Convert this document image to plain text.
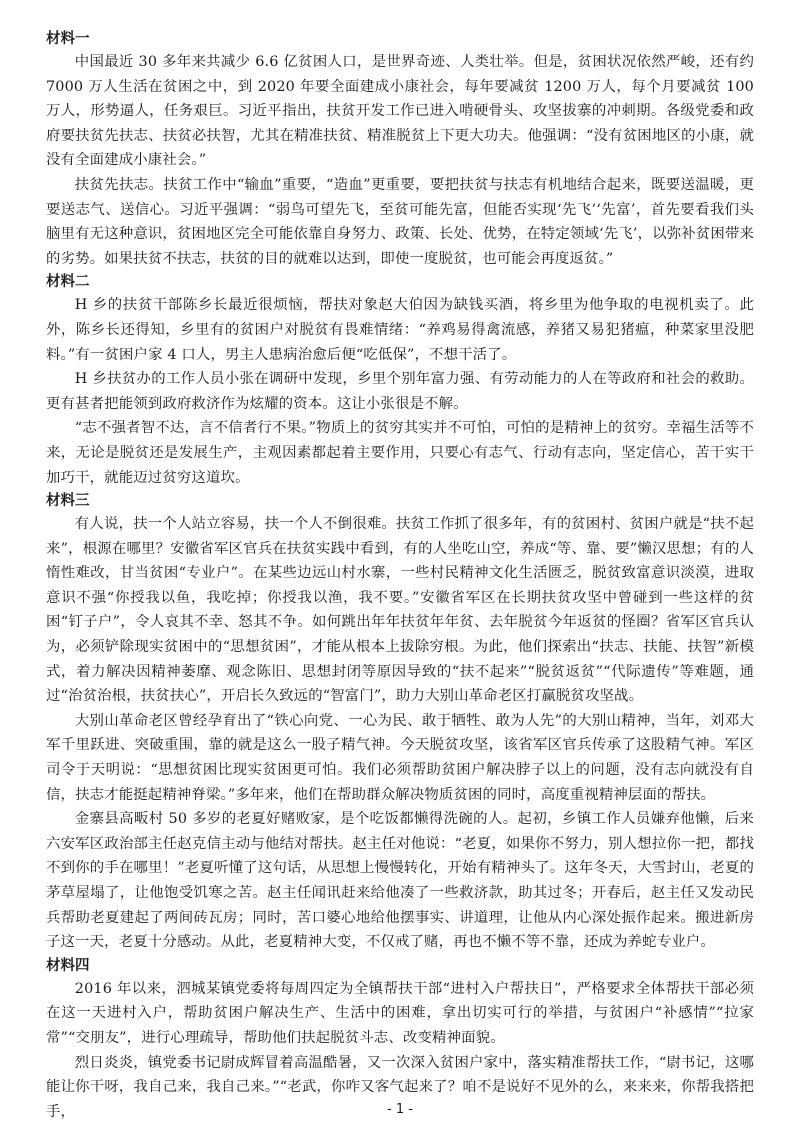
材料一

中国最近 30 多年来共减少 6.6 亿贫困人口，是世界奇迹、人类壮举。但是，贫困状况依然严峻，还有约 7000 万人生活在贫困之中，到 2020 年要全面建成小康社会，每年要减贫 1200 万人，每个月要减贫 100 万人，形势逼人，任务艰巨。习近平指出，扶贫开发工作已进入啃硬骨头、攻坚拔寨的冲刺期。各级党委和政府要扶贫先扶志、扶贫必扶智，尤其在精准扶贫、精准脱贫上下更大功夫。他强调：“没有贫困地区的小康，就没有全面建成小康社会。”

扶贫先扶志。扶贫工作中“输血”重要，“造血”更重要，要把扶贫与扶志有机地结合起来，既要送温暖，更要送志气、送信心。习近平强调：“弱鸟可望先飞，至贫可能先富，但能否实现‘先飞’‘先富’，首先要看我们头脑里有无这种意识，贫困地区完全可能依靠自身努力、政策、长处、优势，在特定领域‘先飞’，以弥补贫困带来的劣势。如果扶贫不扶志，扶贫的目的就难以达到，即使一度脱贫，也可能会再度返贫。”

材料二

H 乡的扶贫干部陈乡长最近很烦恼，帮扶对象赵大伯因为缺钱买酒，将乡里为他争取的电视机卖了。此外，陈乡长还得知，乡里有的贫困户对脱贫有畏难情绪：“养鸡易得禽流感，养猪又易犯猪瘟，种菜家里没肥料。”有一贫困户家 4 口人，男主人患病治愈后便“吃低保”，不想干活了。

H 乡扶贫办的工作人员小张在调研中发现，乡里个别年富力强、有劳动能力的人在等政府和社会的救助。更有甚者把能领到政府救济作为炫耀的资本。这让小张很是不解。

“志不强者智不达，言不信者行不果。”物质上的贫穷其实并不可怕，可怕的是精神上的贫穷。幸福生活等不来，无论是脱贫还是发展生产，主观因素都起着主要作用，只要心有志气、行动有志向，坚定信心，苦干实干加巧干，就能迈过贫穷这道坎。

材料三

有人说，扶一个人站立容易，扶一个人不倒很难。扶贫工作抓了很多年，有的贫困村、贫困户就是“扶不起来”，根源在哪里？安徽省军区官兵在扶贫实践中看到，有的人坐吃山空，养成“等、靠、要”懒汉思想；有的人惰性难改，甘当贫困“专业户”。在某些边远山村水寨，一些村民精神文化生活匮乏，脱贫致富意识淡漠，进取意识不强“你授我以鱼，我吃掉；你授我以渔，我不要。”安徽省军区在长期扶贫攻坚中曾碰到一些这样的贫困“钉子户”，令人哀其不幸、怒其不争。如何跳出年年扶贫年年贫、去年脱贫今年返贫的怪圈？省军区官兵认为，必须铲除现实贫困中的“思想贫困”，才能从根本上拔除穷根。为此，他们探索出“扶志、扶能、扶智”新模式，着力解决因精神萎靡、观念陈旧、思想封闭等原因导致的“扶不起来”“脱贫返贫”“代际遗传”等难题，通过“治贫治根，扶贫扶心”，开启长久致远的“智富门”，助力大别山革命老区打赢脱贫攻坚战。

大别山革命老区曾经孕育出了“铁心向党、一心为民、敢于牺牲、敢为人先”的大别山精神，当年，刘邓大军千里跃进、突破重围，靠的就是这么一股子精气神。今天脱贫攻坚，该省军区官兵传承了这股精气神。军区司令于天明说：“思想贫困比现实贫困更可怕。我们必须帮助贫困户解决脖子以上的问题，没有志向就没有自信，扶志才能挺起精神脊梁。”多年来，他们在帮助群众解决物质贫困的同时，高度重视精神层面的帮扶。

金寨县高畈村 50 多岁的老夏好赌败家，是个吃饭都懒得洗碗的人。起初，乡镇工作人员嫌弃他懒，后来六安军区政治部主任赵克信主动与他结对帮扶。赵主任对他说：“老夏，如果你不努力，别人想拉你一把，都找不到你的手在哪里！”老夏听懂了这句话，从思想上慢慢转化，开始有精神头了。这年冬天，大雪封山，老夏的茅草屋塌了，让他饱受饥寒之苦。赵主任闻讯赶来给他凑了一些救济款，助其过冬；开春后，赵主任又发动民兵帮助老夏建起了两间砖瓦房；同时，苦口婆心地给他摆事实、讲道理，让他从内心深处振作起来。搬进新房子这一天，老夏十分感动。从此，老夏精神大变，不仅戒了赌，再也不懒不等不靠，还成为养蛇专业户。

材料四

2016 年以来，泗城某镇党委将每周四定为全镇帮扶干部“进村入户帮扶日”，严格要求全体帮扶干部必须在这一天进村入户，帮助贫困户解决生产、生活中的困难，拿出切实可行的举措，与贫困户“补感情”“拉家常”“交朋友”，进行心理疏导，帮助他们扶起脱贫斗志、改变精神面貌。

烈日炎炎，镇党委书记尉成辉冒着高温酷暑，又一次深入贫困户家中，落实精准帮扶工作，“尉书记，这哪能让你干呀，我自己来，我自己来。”“老武，你咋又客气起来了？咱不是说好不见外的么，来来来，你帮我搭把手，	- 1 -
